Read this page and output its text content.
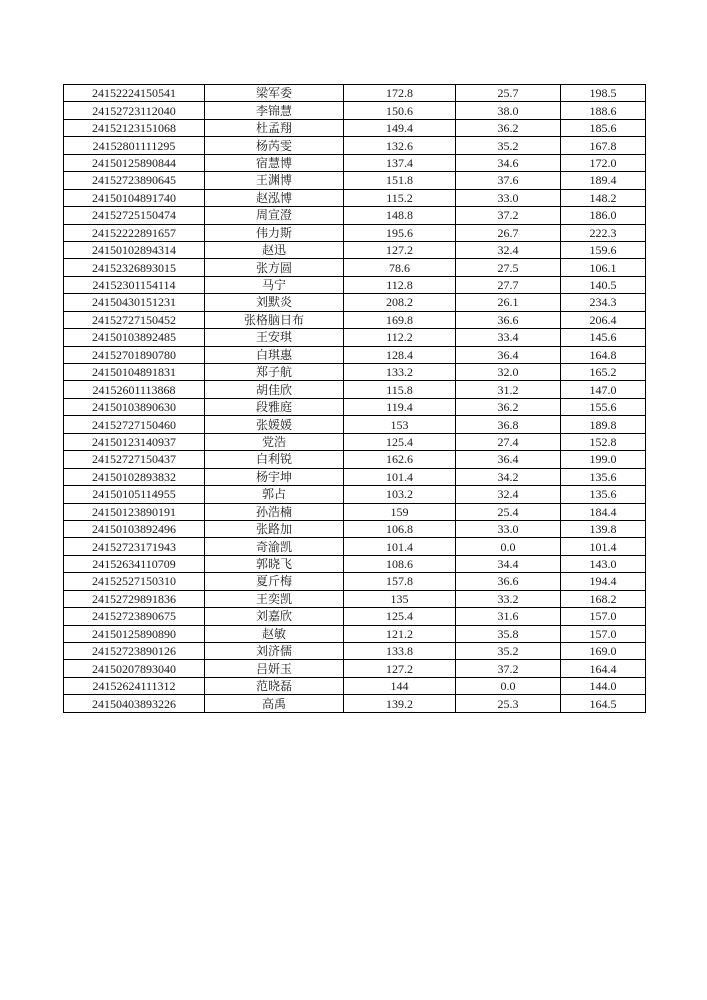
24152224150541	梁军委	172.8	25.7	198.5
24152723112040	李锦慧	150.6	38.0	188.6
24152123151068	杜孟翔	149.4	36.2	185.6
24152801111295	杨芮雯	132.6	35.2	167.8
24150125890844	宿慧博	137.4	34.6	172.0
24152723890645	王渊博	151.8	37.6	189.4
24150104891740	赵泓博	115.2	33.0	148.2
24152725150474	周宣澄	148.8	37.2	186.0
24152222891657	伟力斯	195.6	26.7	222.3
24150102894314	赵迅	127.2	32.4	159.6
24152326893015	张方圆	78.6	27.5	106.1
24152301154114	马宁	112.8	27.7	140.5
24150430151231	刘默炎	208.2	26.1	234.3
24152727150452	张格脑日布	169.8	36.6	206.4
24150103892485	王安琪	112.2	33.4	145.6
24152701890780	白琪惠	128.4	36.4	164.8
24150104891831	郑子航	133.2	32.0	165.2
24152601113868	胡佳欣	115.8	31.2	147.0
24150103890630	段雅庭	119.4	36.2	155.6
24152727150460	张媛媛	153	36.8	189.8
24150123140937	党浩	125.4	27.4	152.8
24152727150437	白利锐	162.6	36.4	199.0
24150102893832	杨宇坤	101.4	34.2	135.6
24150105114955	郭占	103.2	32.4	135.6
24150123890191	孙浩楠	159	25.4	184.4
24150103892496	张路加	106.8	33.0	139.8
24152723171943	奇渝凯	101.4	0.0	101.4
24152634110709	郭晓飞	108.6	34.4	143.0
24152527150310	夏斤梅	157.8	36.6	194.4
24152729891836	王奕凯	135	33.2	168.2
24152723890675	刘嘉欣	125.4	31.6	157.0
24150125890890	赵敏	121.2	35.8	157.0
24152723890126	刘济儒	133.8	35.2	169.0
24150207893040	吕妍玉	127.2	37.2	164.4
24152624111312	范晓磊	144	0.0	144.0
24150403893226	高禹	139.2	25.3	164.5
